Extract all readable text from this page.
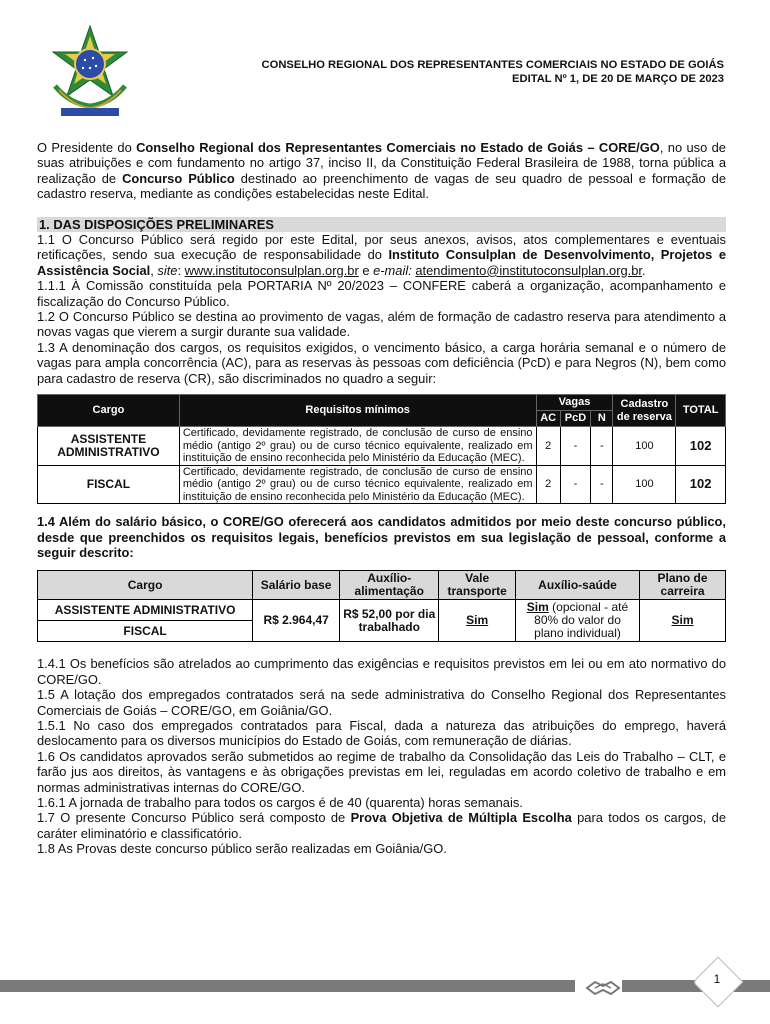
CONSELHO REGIONAL DOS REPRESENTANTES COMERCIAIS NO ESTADO DE GOIÁS
EDITAL Nº 1, DE 20 DE MARÇO DE 2023

O Presidente do Conselho Regional dos Representantes Comerciais no Estado de Goiás – CORE/GO, no uso de suas atribuições e com fundamento no artigo 37, inciso II, da Constituição Federal Brasileira de 1988, torna pública a realização de Concurso Público destinado ao preenchimento de vagas de seu quadro de pessoal e formação de cadastro reserva, mediante as condições estabelecidas neste Edital.

1. DAS DISPOSIÇÕES PRELIMINARES

1.1 O Concurso Público será regido por este Edital, por seus anexos, avisos, atos complementares e eventuais retificações, sendo sua execução de responsabilidade do Instituto Consulplan de Desenvolvimento, Projetos e Assistência Social, site: www.institutoconsulplan.org.br e e-mail: atendimento@institutoconsulplan.org.br.

1.1.1 À Comissão constituída pela PORTARIA Nº 20/2023 – CONFERE caberá a organização, acompanhamento e fiscalização do Concurso Público.

1.2 O Concurso Público se destina ao provimento de vagas, além de formação de cadastro reserva para atendimento a novas vagas que vierem a surgir durante sua validade.

1.3 A denominação dos cargos, os requisitos exigidos, o vencimento básico, a carga horária semanal e o número de vagas para ampla concorrência (AC), para as reservas às pessoas com deficiência (PcD) e para Negros (N), bem como para cadastro de reserva (CR), são discriminados no quadro a seguir:

Cargo	Requisitos mínimos	Vagas			Cadastro de reserva	TOTAL
		AC	PcD	N		
ASSISTENTE ADMINISTRATIVO	Certificado, devidamente registrado, de conclusão de curso de ensino médio (antigo 2º grau) ou de curso técnico equivalente, realizado em instituição de ensino reconhecida pelo Ministério da Educação (MEC).	2	-	-	100	102
FISCAL	Certificado, devidamente registrado, de conclusão de curso de ensino médio (antigo 2º grau) ou de curso técnico equivalente, realizado em instituição de ensino reconhecida pelo Ministério da Educação (MEC).	2	-	-	100	102

1.4 Além do salário básico, o CORE/GO oferecerá aos candidatos admitidos por meio deste concurso público, desde que preenchidos os requisitos legais, benefícios previstos em sua legislação de pessoal, conforme a seguir descrito:

Cargo	Salário base	Auxílio-alimentação	Vale transporte	Auxílio-saúde	Plano de carreira
ASSISTENTE ADMINISTRATIVO	R$ 2.964,47	R$ 52,00 por dia trabalhado	Sim	Sim (opcional - até 80% do valor do plano individual)	Sim
FISCAL					

1.4.1 Os benefícios são atrelados ao cumprimento das exigências e requisitos previstos em lei ou em ato normativo do CORE/GO.

1.5 A lotação dos empregados contratados será na sede administrativa do Conselho Regional dos Representantes Comerciais de Goiás – CORE/GO, em Goiânia/GO.

1.5.1 No caso dos empregados contratados para Fiscal, dada a natureza das atribuições do emprego, haverá deslocamento para os diversos municípios do Estado de Goiás, com remuneração de diárias.

1.6 Os candidatos aprovados serão submetidos ao regime de trabalho da Consolidação das Leis do Trabalho – CLT, e farão jus aos direitos, às vantagens e às obrigações previstas em lei, reguladas em acordo coletivo de trabalho e em normas administrativas internas do CORE/GO.

1.6.1 A jornada de trabalho para todos os cargos é de 40 (quarenta) horas semanais.

1.7 O presente Concurso Público será composto de Prova Objetiva de Múltipla Escolha para todos os cargos, de caráter eliminatório e classificatório.

1.8 As Provas deste concurso público serão realizadas em Goiânia/GO.

1
